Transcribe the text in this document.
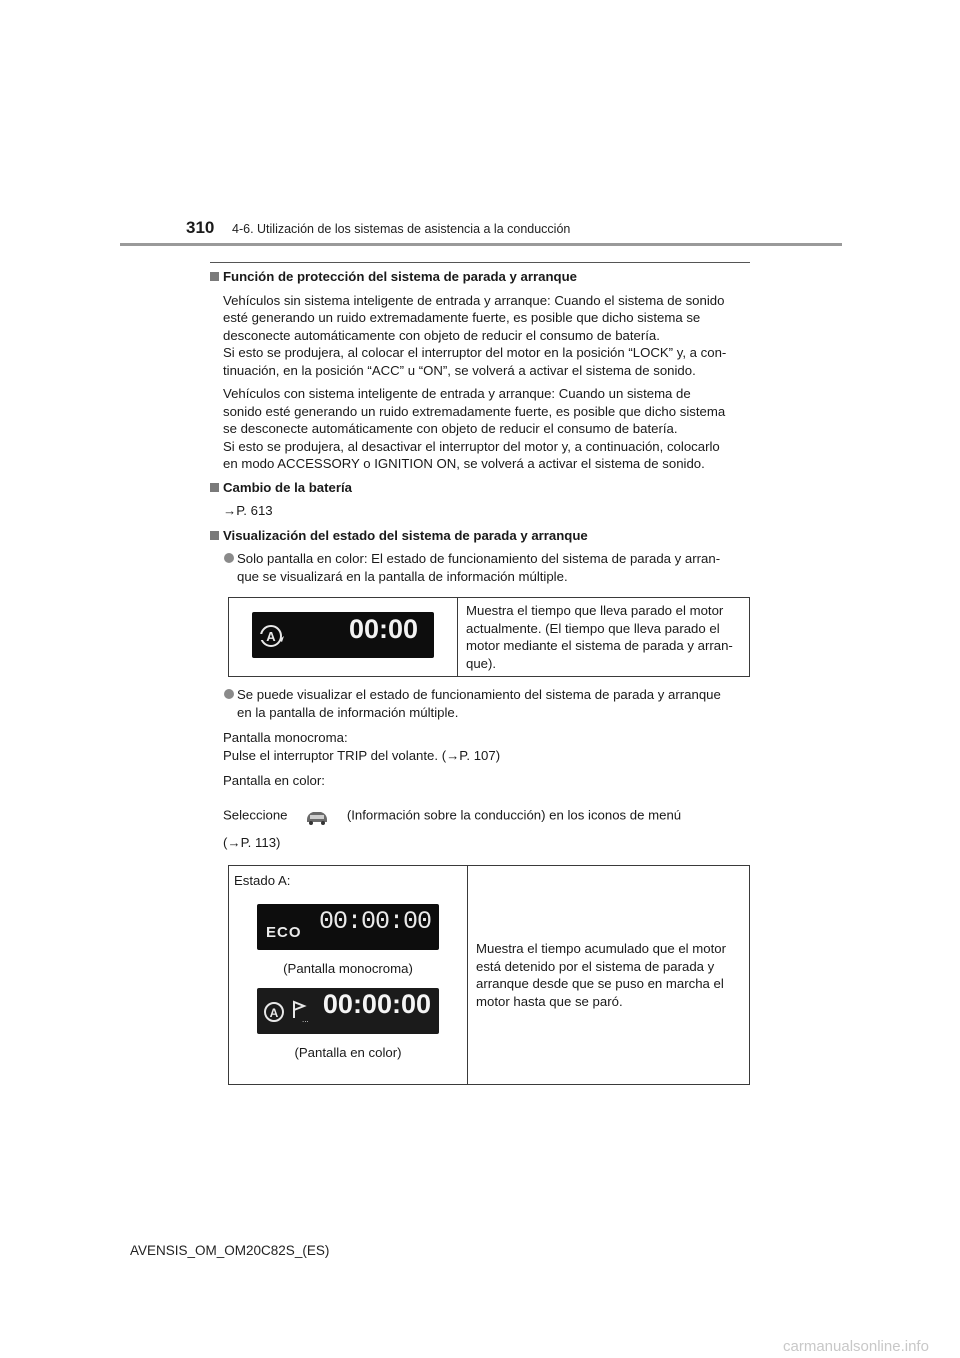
310 4-6. Utilización de los sistemas de asistencia a la conducción
Función de protección del sistema de parada y arranque
Vehículos sin sistema inteligente de entrada y arranque: Cuando el sistema de sonido
esté generando un ruido extremadamente fuerte, es posible que dicho sistema se
desconecte automáticamente con objeto de reducir el consumo de batería.
Si esto se produjera, al colocar el interruptor del motor en la posición “LOCK” y, a con-
tinuación, en la posición “ACC” u “ON”, se volverá a activar el sistema de sonido.
Vehículos con sistema inteligente de entrada y arranque: Cuando un sistema de
sonido esté generando un ruido extremadamente fuerte, es posible que dicho sistema
se desconecte automáticamente con objeto de reducir el consumo de batería.
Si esto se produjera, al desactivar el interruptor del motor y, a continuación, colocarlo
en modo ACCESSORY o IGNITION ON, se volverá a activar el sistema de sonido.
Cambio de la batería
→P. 613
Visualización del estado del sistema de parada y arranque
Solo pantalla en color: El estado de funcionamiento del sistema de parada y arran-
que se visualizará en la pantalla de información múltiple.
A	00:00

Muestra el tiempo que lleva parado el motor
actualmente. (El tiempo que lleva parado el
motor mediante el sistema de parada y arran-
que).
Se puede visualizar el estado de funcionamiento del sistema de parada y arranque
en la pantalla de información múltiple.
Pantalla monocroma:
Pulse el interruptor TRIP del volante. (→P. 107)
Pantalla en color:
Seleccione	(Información sobre la conducción) en los iconos de menú
(→P. 113)
Estado A:
ECO 00:00:00
(Pantalla monocroma)
A	...
00:00:00
(Pantalla en color)

Muestra el tiempo acumulado que el motor
está detenido por el sistema de parada y
arranque desde que se puso en marcha el
motor hasta que se paró.
AVENSIS_OM_OM20C82S_(ES)
carmanualsonline.info
